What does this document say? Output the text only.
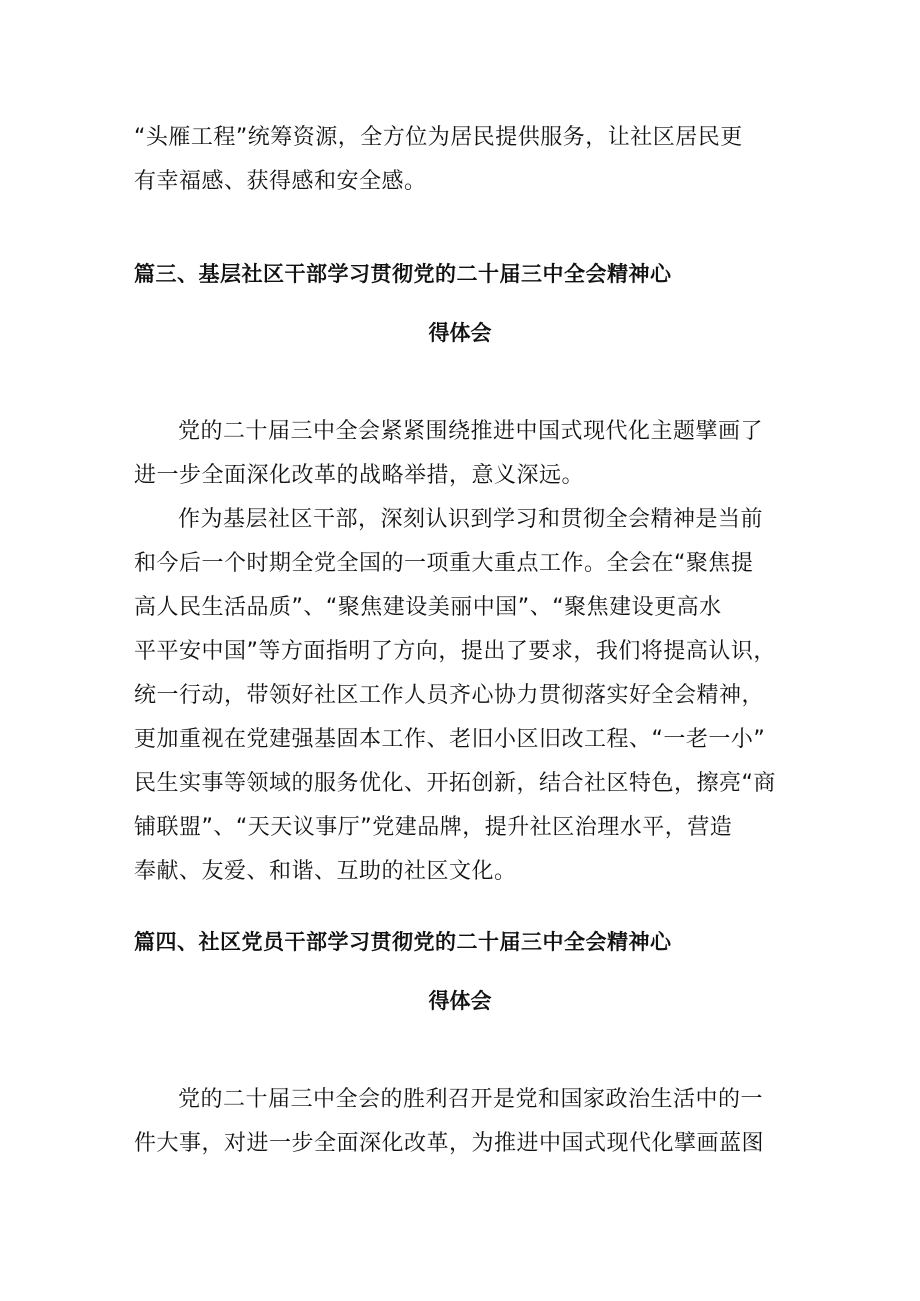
“头雁工程”统筹资源，全方位为居民提供服务，让社区居民更

有幸福感、获得感和安全感。

篇三、基层社区干部学习贯彻党的二十届三中全会精神心
得体会

党的二十届三中全会紧紧围绕推进中国式现代化主题擘画了

进一步全面深化改革的战略举措，意义深远。

作为基层社区干部，深刻认识到学习和贯彻全会精神是当前

和今后一个时期全党全国的一项重大重点工作。全会在“聚焦提

高人民生活品质”、“聚焦建设美丽中国”、“聚焦建设更高水

平平安中国”等方面指明了方向，提出了要求，我们将提高认识，

统一行动，带领好社区工作人员齐心协力贯彻落实好全会精神，

更加重视在党建强基固本工作、老旧小区旧改工程、“一老一小”

民生实事等领域的服务优化、开拓创新，结合社区特色，擦亮“商

铺联盟”、“天天议事厅”党建品牌，提升社区治理水平，营造

奉献、友爱、和谐、互助的社区文化。

篇四、社区党员干部学习贯彻党的二十届三中全会精神心
得体会

党的二十届三中全会的胜利召开是党和国家政治生活中的一

件大事，对进一步全面深化改革，为推进中国式现代化擘画蓝图
